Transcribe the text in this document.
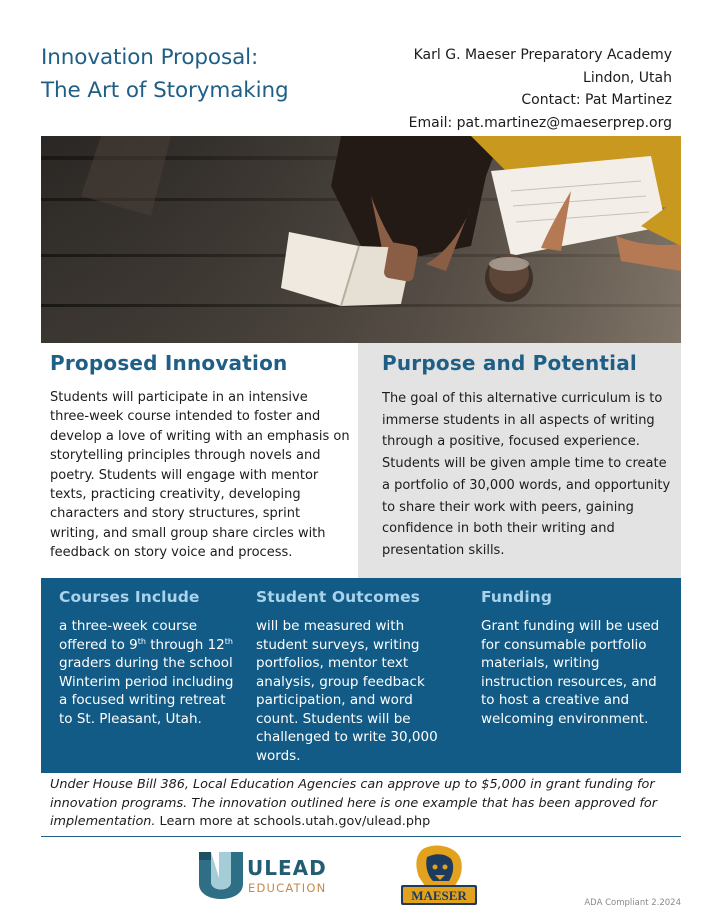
Innovation Proposal:
The Art of Storymaking
Karl G. Maeser Preparatory Academy
Lindon, Utah
Contact: Pat Martinez
Email: pat.martinez@maeserprep.org
Proposed Innovation

Students will participate in an intensive three-week course intended to foster and develop a love of writing with an emphasis on storytelling principles through novels and poetry. Students will engage with mentor texts, practicing creativity, developing characters and story structures, sprint writing, and small group share circles with feedback on story voice and process.

Purpose and Potential

The goal of this alternative curriculum is to immerse students in all aspects of writing through a positive, focused experience. Students will be given ample time to create a portfolio of 30,000 words, and opportunity to share their work with peers, gaining confidence in both their writing and presentation skills.

Courses Include

a three-week course offered to 9th through 12th graders during the school Winterim period including a focused writing retreat to St. Pleasant, Utah.

Student Outcomes

will be measured with student surveys, writing portfolios, mentor text analysis, group feedback participation, and word count. Students will be challenged to write 30,000 words.

Funding

Grant funding will be used for consumable portfolio materials, writing instruction resources, and to host a creative and welcoming environment.

Under House Bill 386, Local Education Agencies can approve up to $5,000 in grant funding for innovation programs. The innovation outlined here is one example that has been approved for implementation. Learn more at schools.utah.gov/ulead.php
ULEAD
EDUCATION	MAESER	ADA Compliant 2.2024
